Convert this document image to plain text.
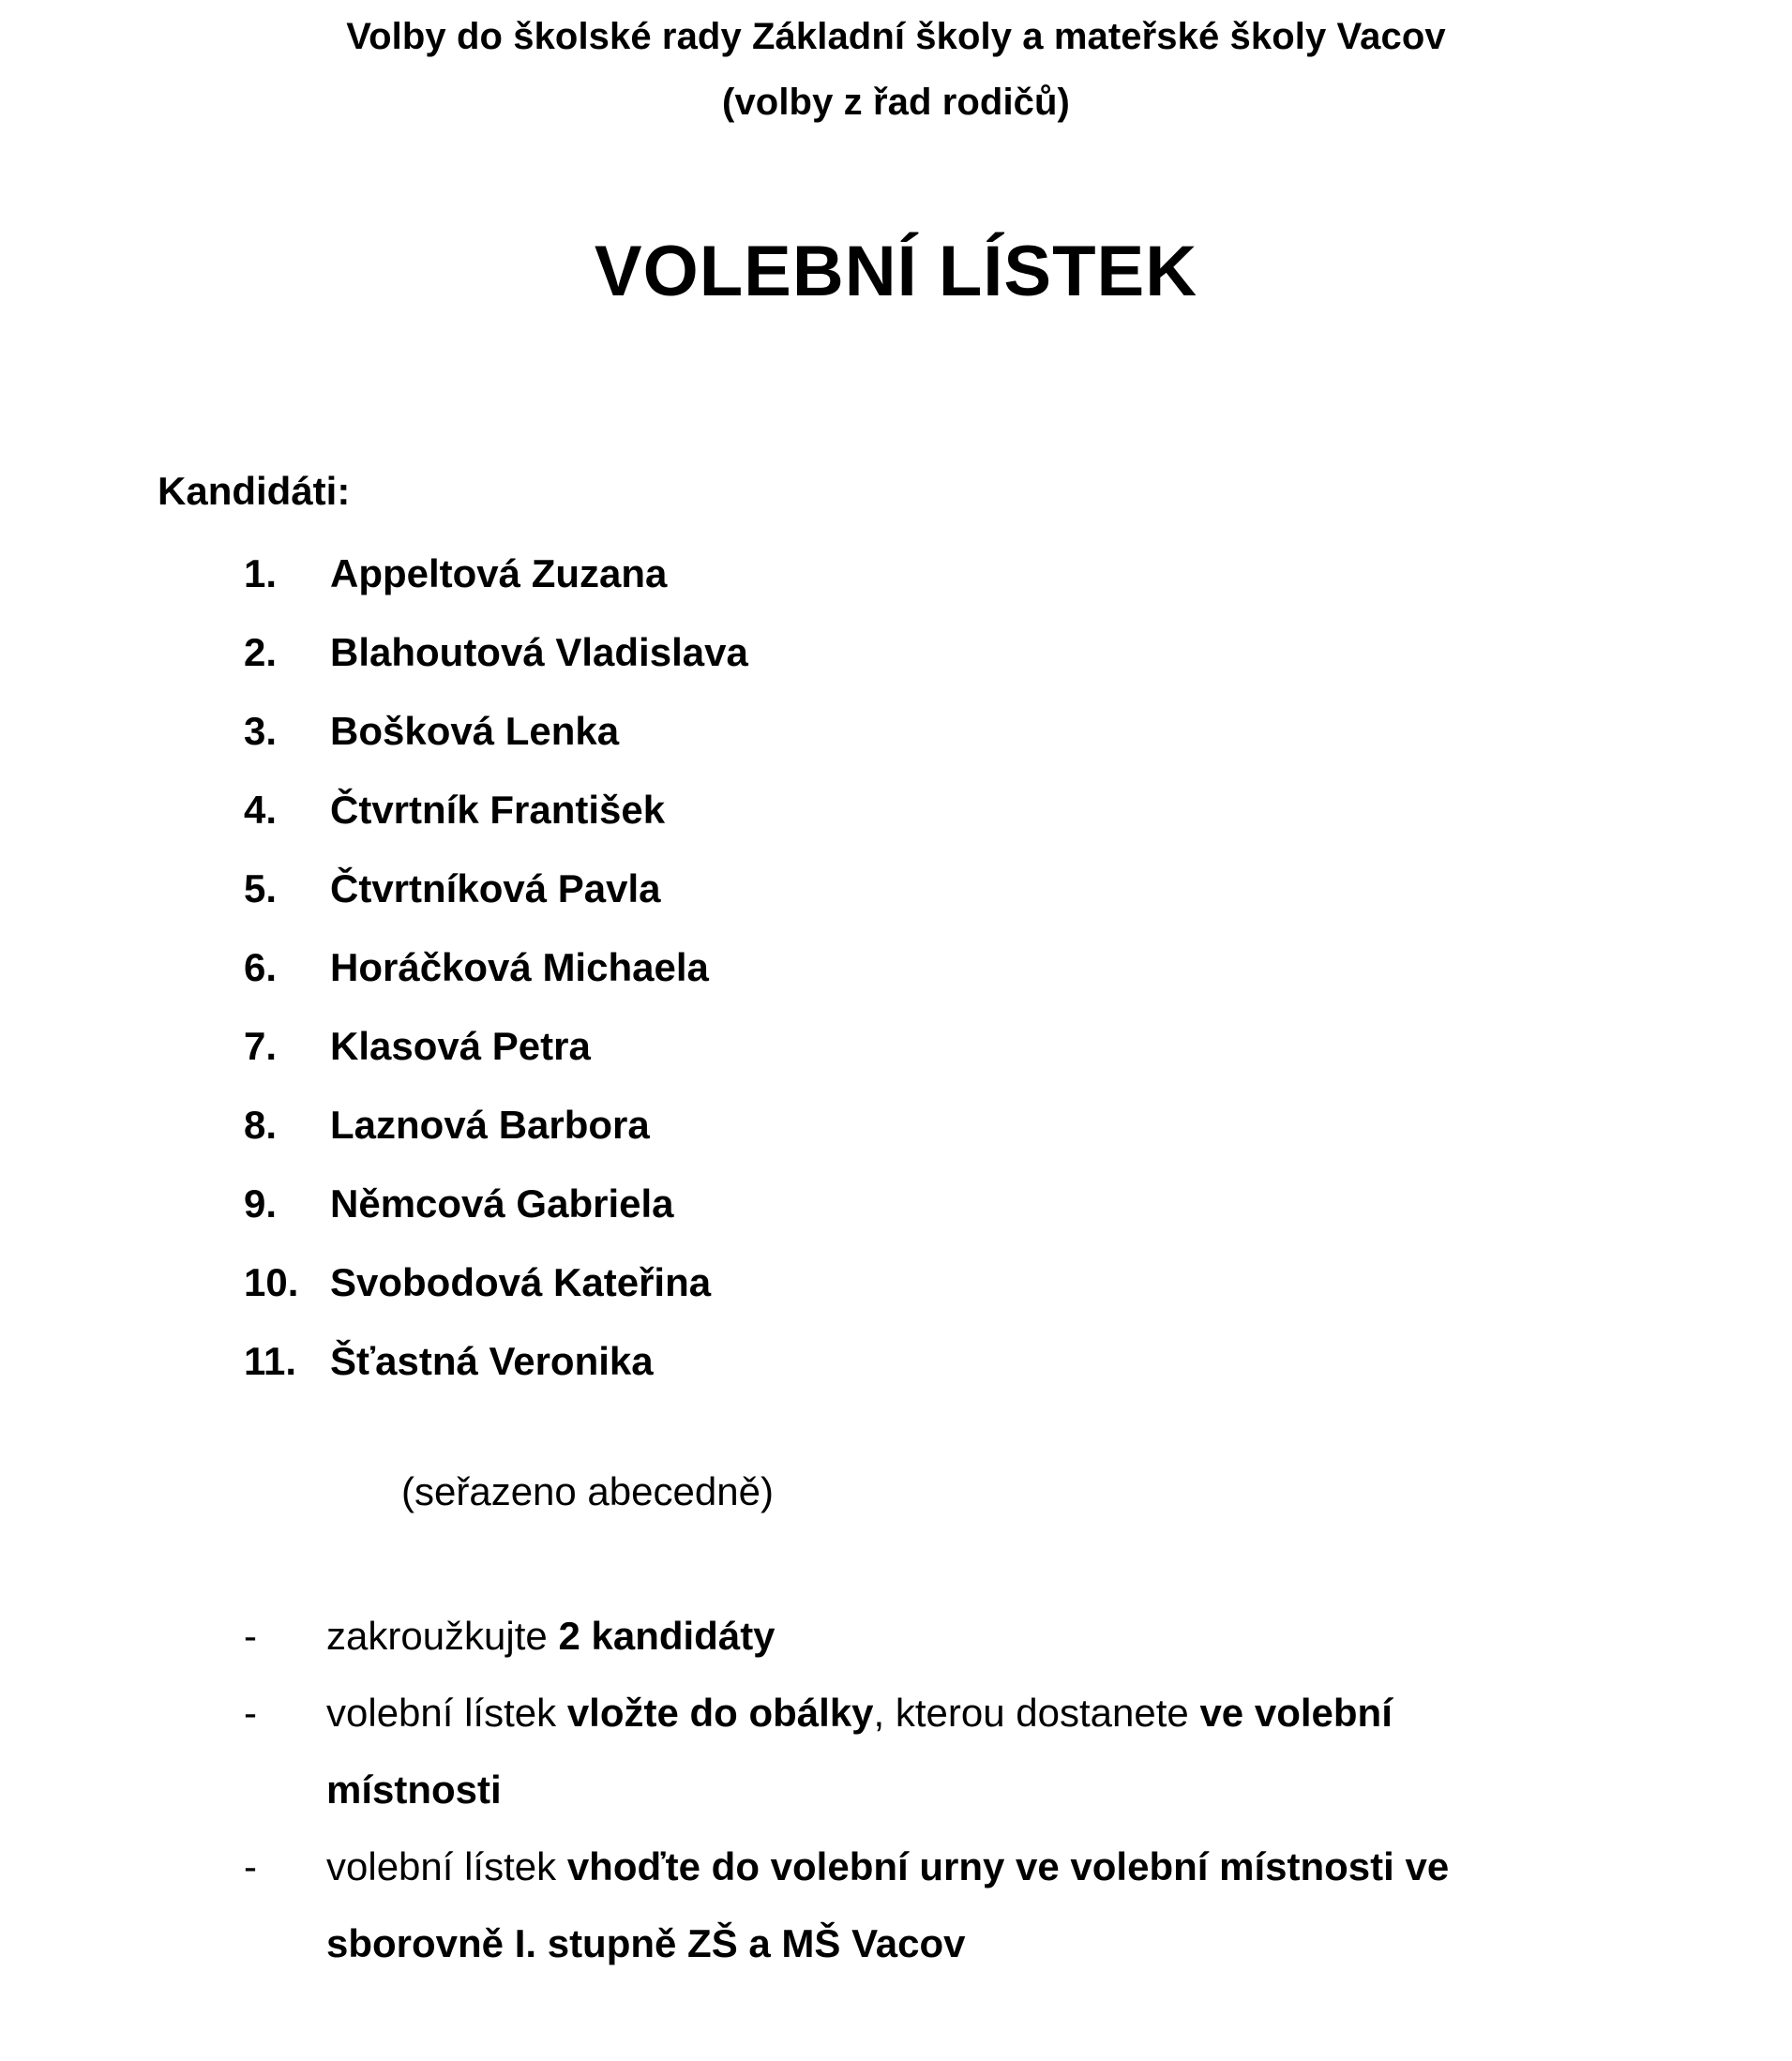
Volby do školské rady Základní školy a mateřské školy Vacov
(volby z řad rodičů)
VOLEBNÍ LÍSTEK
Kandidáti:
1.	Appeltová Zuzana
2.	Blahoutová Vladislava
3.	Bošková Lenka
4.	Čtvrtník František
5.	Čtvrtníková Pavla
6.	Horáčková Michaela
7.	Klasová Petra
8.	Laznová Barbora
9.	Němcová Gabriela
10. Svobodová Kateřina
11. Šťastná Veronika
(seřazeno abecedně)
-	zakroužkujte 2 kandidáty
-	volební lístek vložte do obálky, kterou dostanete ve volební místnosti
-	volební lístek vhoďte do volební urny ve volební místnosti ve sborovně I. stupně ZŠ a MŠ Vacov
